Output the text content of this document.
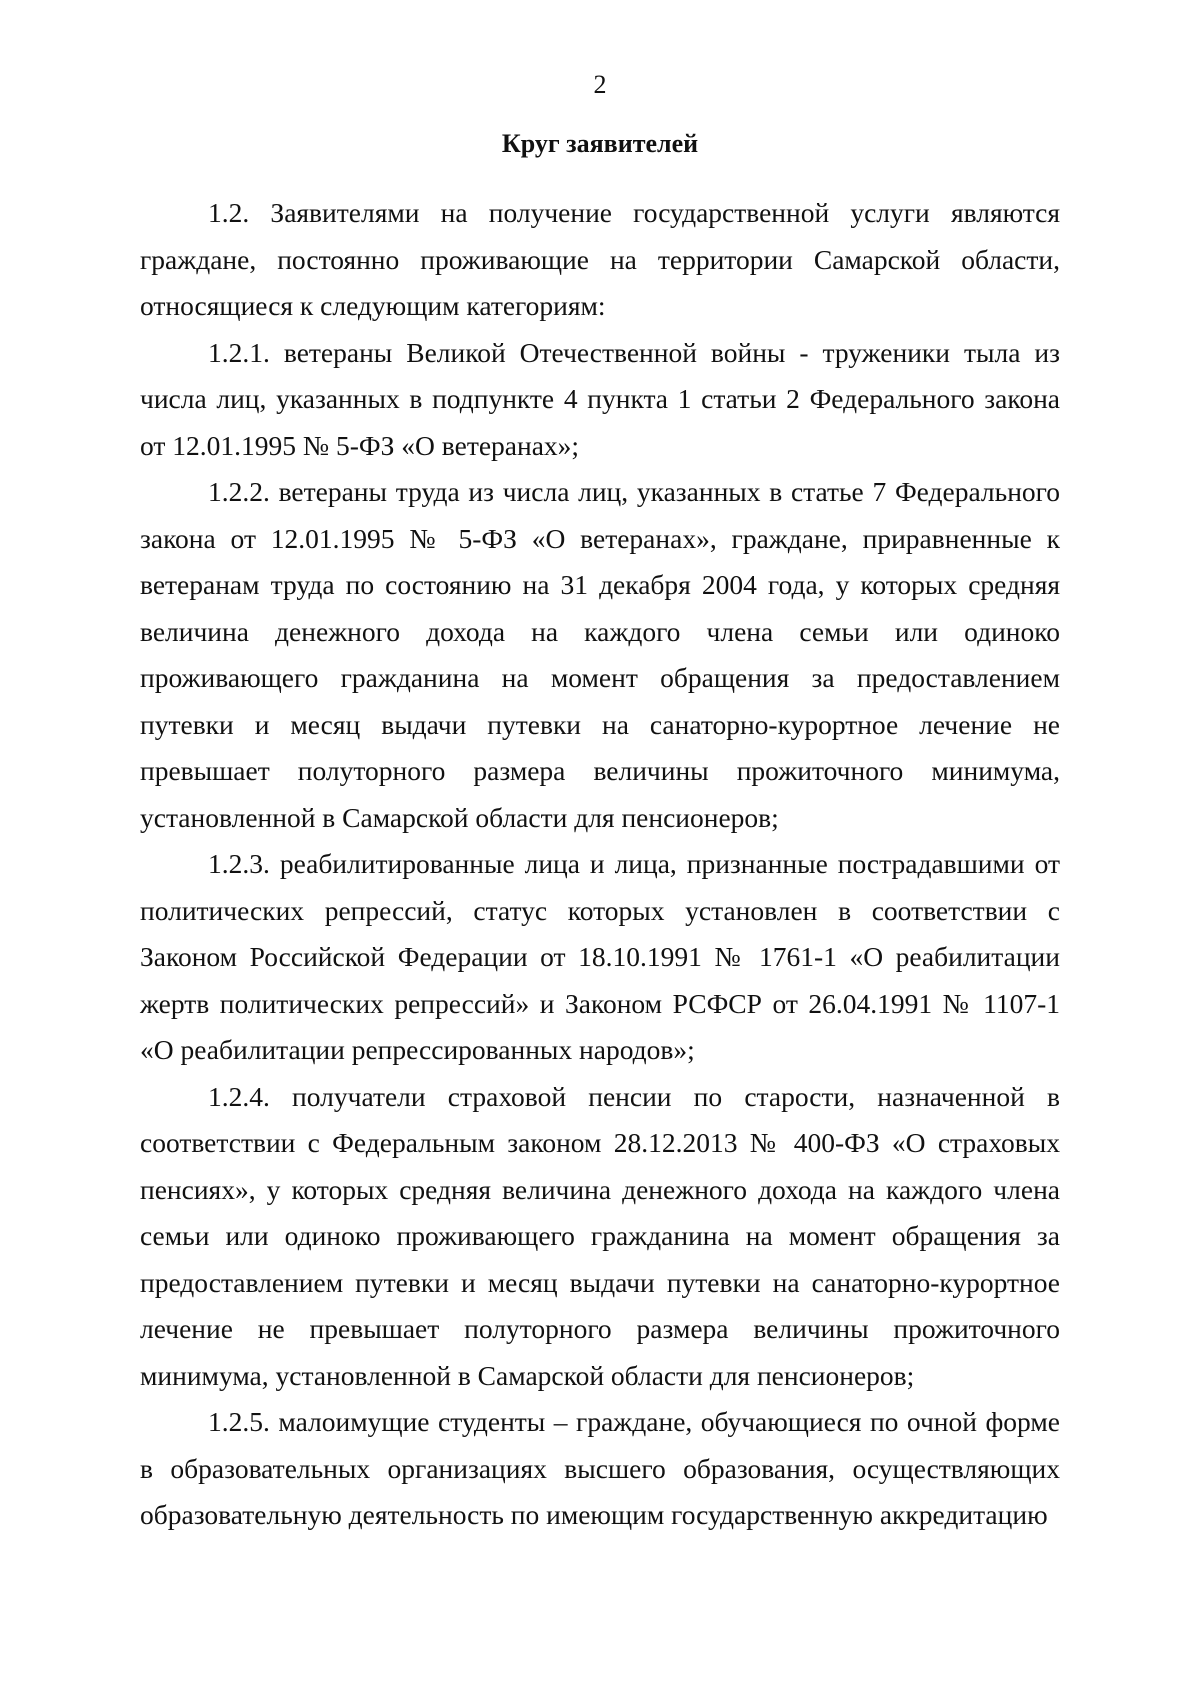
2
Круг заявителей

1.2. Заявителями на получение государственной услуги являются граждане, постоянно проживающие на территории Самарской области, относящиеся к следующим категориям:

1.2.1. ветераны Великой Отечественной войны - труженики тыла из числа лиц, указанных в подпункте 4 пункта 1 статьи 2 Федерального закона от 12.01.1995 № 5-ФЗ «О ветеранах»;

1.2.2. ветераны труда из числа лиц, указанных в статье 7 Федерального закона от 12.01.1995 № 5-ФЗ «О ветеранах», граждане, приравненные к ветеранам труда по состоянию на 31 декабря 2004 года, у которых средняя величина денежного дохода на каждого члена семьи или одиноко проживающего гражданина на момент обращения за предоставлением путевки и месяц выдачи путевки на санаторно-курортное лечение не превышает полуторного размера величины прожиточного минимума, установленной в Самарской области для пенсионеров;

1.2.3. реабилитированные лица и лица, признанные пострадавшими от политических репрессий, статус которых установлен в соответствии с Законом Российской Федерации от 18.10.1991 № 1761-1 «О реабилитации жертв политических репрессий» и Законом РСФСР от 26.04.1991 № 1107-1 «О реабилитации репрессированных народов»;

1.2.4. получатели страховой пенсии по старости, назначенной в соответствии с Федеральным законом 28.12.2013 № 400-ФЗ «О страховых пенсиях», у которых средняя величина денежного дохода на каждого члена семьи или одиноко проживающего гражданина на момент обращения за предоставлением путевки и месяц выдачи путевки на санаторно-курортное лечение не превышает полуторного размера величины прожиточного минимума, установленной в Самарской области для пенсионеров;

1.2.5. малоимущие студенты – граждане, обучающиеся по очной форме в образовательных организациях высшего образования, осуществляющих образовательную деятельность по имеющим государственную аккредитацию
